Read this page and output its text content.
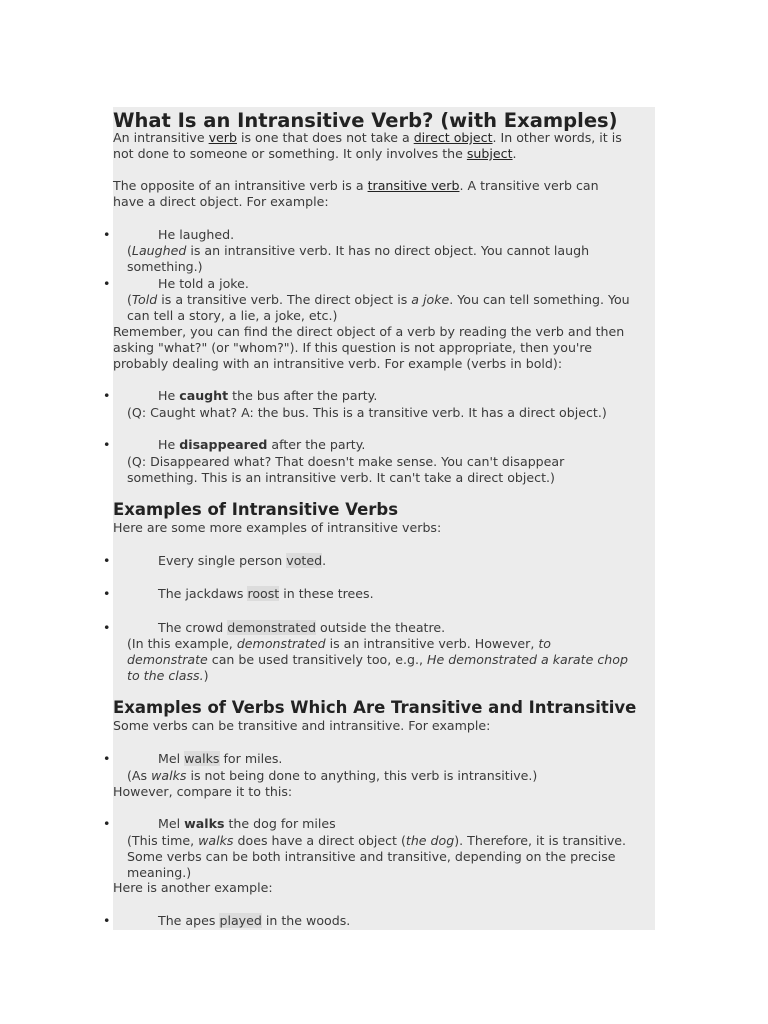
What Is an Intransitive Verb? (with Examples)
An intransitive verb is one that does not take a direct object. In other words, it is
not done to someone or something. It only involves the subject.
The opposite of an intransitive verb is a transitive verb. A transitive verb can
have a direct object. For example:
•	He laughed.
(Laughed is an intransitive verb. It has no direct object. You cannot laugh
something.)
•	He told a joke.
(Told is a transitive verb. The direct object is a joke. You can tell something. You
can tell a story, a lie, a joke, etc.)
Remember, you can find the direct object of a verb by reading the verb and then
asking "what?" (or "whom?"). If this question is not appropriate, then you're
probably dealing with an intransitive verb. For example (verbs in bold):
•	He caught the bus after the party.
(Q: Caught what? A: the bus. This is a transitive verb. It has a direct object.)
•	He disappeared after the party.
(Q: Disappeared what? That doesn't make sense. You can't disappear
something. This is an intransitive verb. It can't take a direct object.)
Examples of Intransitive Verbs
Here are some more examples of intransitive verbs:
•	Every single person voted.
•	The jackdaws roost in these trees.
•	The crowd demonstrated outside the theatre.
(In this example, demonstrated is an intransitive verb. However, to
demonstrate can be used transitively too, e.g., He demonstrated a karate chop
to the class.)
Examples of Verbs Which Are Transitive and Intransitive
Some verbs can be transitive and intransitive. For example:
•	Mel walks for miles.
(As walks is not being done to anything, this verb is intransitive.)
However, compare it to this:
•	Mel walks the dog for miles
(This time, walks does have a direct object (the dog). Therefore, it is transitive.
Some verbs can be both intransitive and transitive, depending on the precise
meaning.)
Here is another example:
•	The apes played in the woods.
